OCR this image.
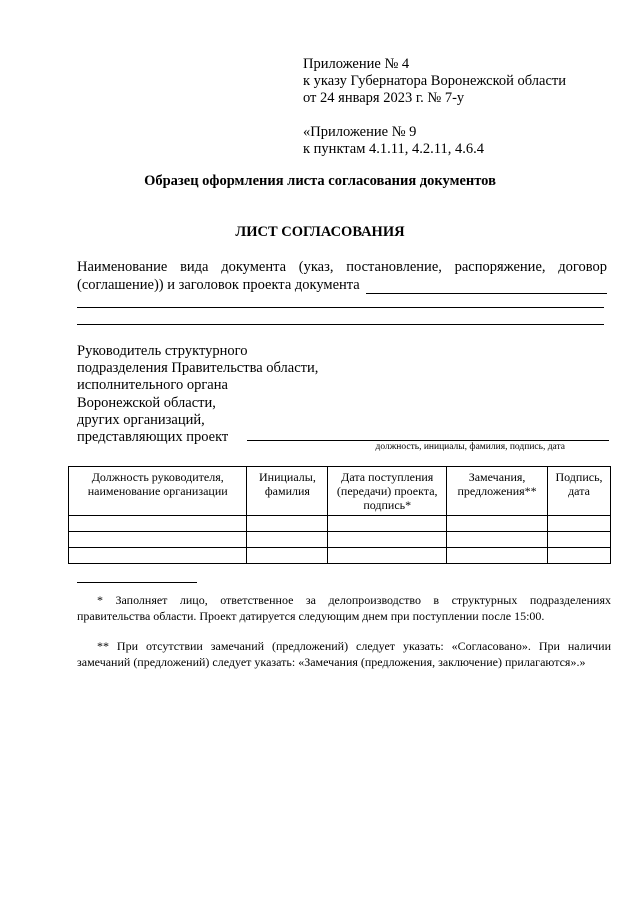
Приложение № 4
к указу Губернатора Воронежской области
от 24 января 2023 г. № 7-у
«Приложение № 9
к пунктам 4.1.11, 4.2.11, 4.6.4
Образец оформления листа согласования документов
ЛИСТ СОГЛАСОВАНИЯ
Наименование вида документа (указ, постановление, распоряжение, договор
(соглашение)) и заголовок проекта документа
Руководитель структурного
подразделения Правительства области,
исполнительного органа
Воронежской области,
других организаций,
представляющих проект
должность, инициалы, фамилия, подпись, дата
Должность руководителя, наименование организации	Инициалы, фамилия	Дата поступления (передачи) проекта, подпись*	Замечания, предложения**	Подпись, дата

* Заполняет лицо, ответственное за делопроизводство в структурных подразделениях правительства области. Проект датируется следующим днем при поступлении после 15:00.
** При отсутствии замечаний (предложений) следует указать: «Согласовано». При наличии замечаний (предложений) следует указать: «Замечания (предложения, заключение) прилагаются».»
